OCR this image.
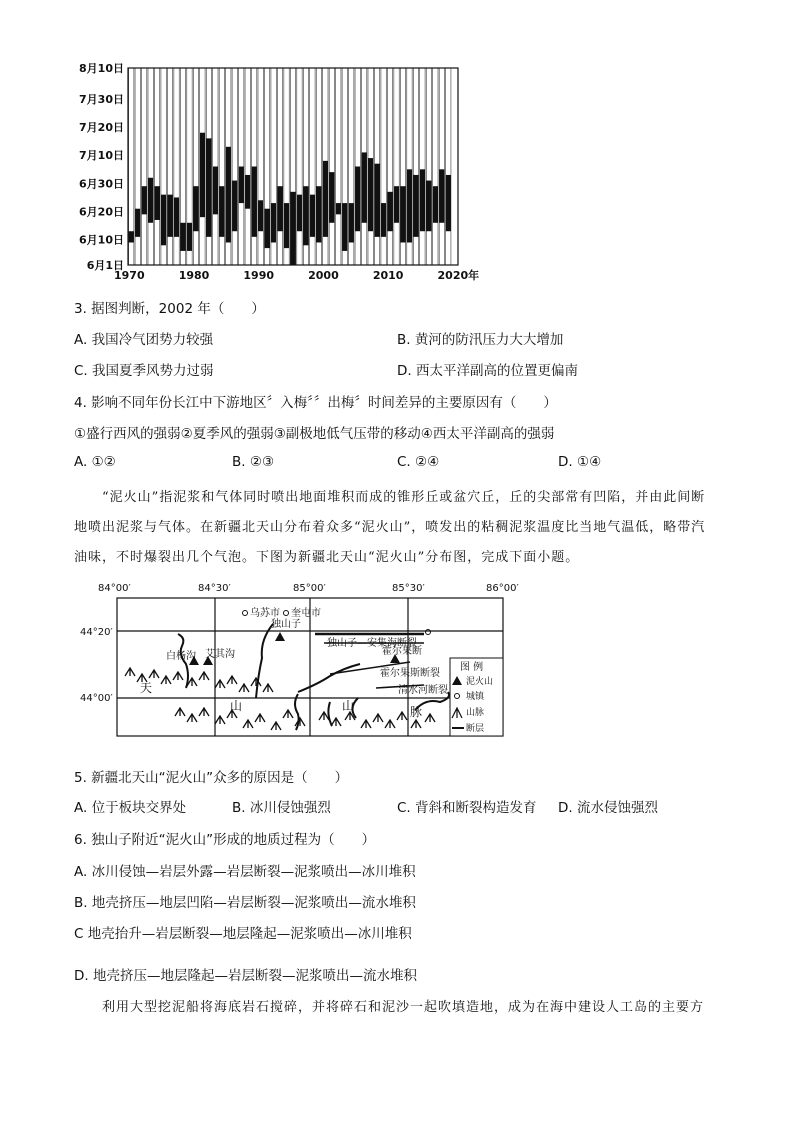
6月1日
6月10日
6月20日
6月30日
7月10日
7月20日
7月30日
8月10日
1970	1980	1990	2000	2010	2020年
3. 据图判断，2002 年（　　）
A. 我国冷气团势力较强	B. 黄河的防汛压力大大增加
C. 我国夏季风势力过弱	D. 西太平洋副高的位置更偏南
4. 影响不同年份长江中下游地区〞入梅〞〞出梅〞时间差异的主要原因有（　　）
①盛行西风的强弱②夏季风的强弱③副极地低气压带的移动④西太平洋副高的强弱
A. ①②	B. ②③	C. ②④	D. ①④
“泥火山”指泥浆和气体同时喷出地面堆积而成的锥形丘或盆穴丘，丘的尖部常有凹陷，并由此间断
地喷出泥浆与气体。在新疆北天山分布着众多“泥火山”，喷发出的粘稠泥浆温度比当地气温低，略带汽
油味，不时爆裂出几个气泡。下图为新疆北天山“泥火山”分布图，完成下面小题。
84°00′	84°30′	85°00′	85°30′	86°00′
44°20′
44°00′
乌苏市 奎屯市
独山子
白杨沟 艾其沟
独山子—安集海断裂
霍尔果断
霍尔果斯断裂
清水河断裂
天
山	山	脉
图 例
泥火山
城镇
山脉
断层
5. 新疆北天山“泥火山”众多的原因是（　　）
A. 位于板块交界处	B. 冰川侵蚀强烈	C. 背斜和断裂构造发育 D. 流水侵蚀强烈
6. 独山子附近“泥火山”形成的地质过程为（　　）
A. 冰川侵蚀—岩层外露—岩层断裂—泥浆喷出—冰川堆积
B. 地壳挤压—地层凹陷—岩层断裂—泥浆喷出—流水堆积
C 地壳抬升—岩层断裂—地层隆起—泥浆喷出—冰川堆积
D. 地壳挤压—地层隆起—岩层断裂—泥浆喷出—流水堆积
利用大型挖泥船将海底岩石搅碎，并将碎石和泥沙一起吹填造地，成为在海中建设人工岛的主要方
